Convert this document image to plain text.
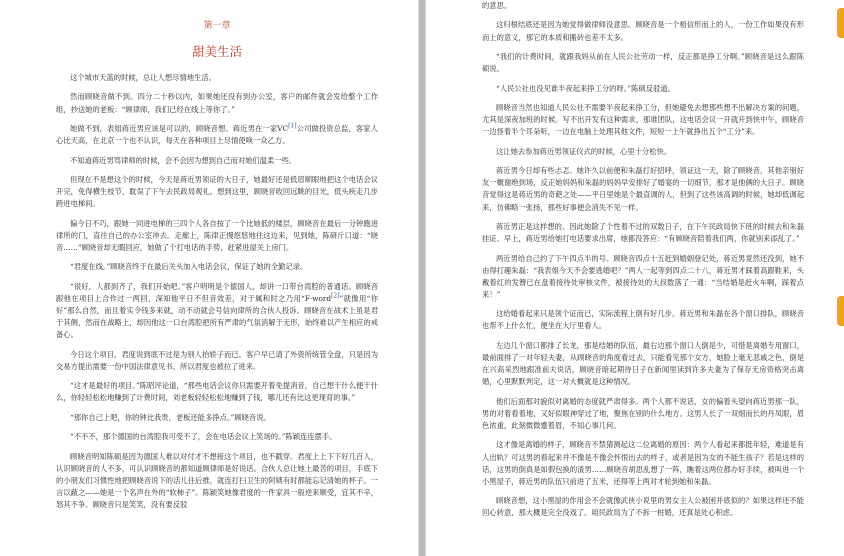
第一章
甜美生活

这个城市天蓝的时候，总让人想尽情地生活。

然而顾晓音做不到。四分二十秒以内，如果她还没有到办公室，客户的邮件就会发给整个工作组，抄送她的老板：“顾律师，我们已经在线上等你了。”

她做不到，表姐蒋近男应该是可以的，顾晓音想。蒋近男在一家VC[1]公司做投资总监，客家人心比天高，在北京一个也不认识，每天在各种项目上尽情使唤一众乙方。

不知道蒋近男骂律师的时候，会不会因为想到自己而对她们温柔一些。

但现在不是想这个的时候，今天是蒋近男领证的大日子，她最好还是低眉顺眼地把这个电话会议开完，免得横生枝节，耽误了下午去民政局观礼。想到这里，顾晓音收回远眺的目光，低头疾走几步跨进电梯间。

偏今日不巧，跟她一同进电梯的三四个人各自按了一个比她低的楼层，顾晓音在最后一分钟跑进律所的门，直往自己的办公室冲去。走廊上，陈律正慢悠悠地往这边来，见到她，陈研斤口道：“晓音……”顾晓音却无暇回应，她做了个打电话的手势，赶紧进屋关上房门。

“君度在线。”顾晓音终于在最后关头加入电话会议，保证了她的全勤记录。

“很好，人都到齐了，我们开始吧。”客户明明是个德国人，却讲一口带台湾腔的普通话。顾晓音跟他在项目上合作过一两回，深知他平日不但音效差，对于属和时之乃用“F·word[2]”就像用“你好”那么自然，而且着实令钱多来就，动不动就会号信向律所的合伙人投诉。顾晓音在战术上虽是君于其侧，然而在战略上，却因他这一口台湾腔把所有严肃的气氛消解于无形，始终难以产生相应的戒备心。

今日这个项目，君度说到底不过是为别人抬轿子而已。客户早已请了外资所统管全盘，只是因为交易方提出需要一份中国法律意见书，所以君度也被拉了进来。

“这才是最好的项目。”陈昭评论道，“那些电话会议你只需要开着免提消音，自己想干什么便干什么，你轻轻松松地赚到了计费时间，刘老板轻轻松松地赚到了钱，哪儿还有比这更现育的事。”

“那你自己上吧，你的钟比我贵，老板还能多挣点。”顾晓音说。

“不不不，那个德国的台湾腔我可受不了，会在电话会议上笑场的。”陈颖连连摆手。

顾晓音明知陈硕是因为德国人难以对付才不想接这个项目，也不戳穿。君度上上下下好几百人，认识顾晓音的人不多，可认识顾晓音的都知道顾律师是好说话。合伙人总让她上最苦的项目，手底下的小朋友们习惯性地把顾晓音说下的活儿往后推，就连打扫卫生的阿姨有时都能忘记清她的杯子。一言以蔽之——她是一个名声在外的“软柿子”。陈颖笑她像君度的一件家具一般逆来顺受，宜其不辛，怒其不争。顾晓音只是笑笑，没有要反驳

的意思。

这归根结底还是因为她觉得做律师没意思。顾晓音是一个相信形而上的人，一份工作如果没有形而上的意义，那它的本质和搬砖也差不太多。

“我们的计费时间，就跟我妈从前在人民公社劳动一样，反正都是挣工分啊。”顾晓音是这么跟陈硕说。

“人民公社也没见谁半夜起来挣工分的呀。”陈硕反驳道。

顾晓音当然也知道人民公社不需要半夜起来挣工分，但她避免去想那些想不出解决方案的问题，尤其是深夜加班的时候。写不出开发有这种需求，那谁团队，这电话会议一开就开到快中午，顾晓音一边怪着半个耳朵听，一边在电脑上处理其他文件，短短一上午就挣出五个“工分”来。

这让她去参加蒋近男领证仪式的时候，心里十分松快。

蒋近男今日却有些忐忑。她许久以前便和朱磊打好招呼，领证这一天，除了顾晓音，其他亲朋好友一概谢绝到场，反正她妈妈和朱磊的妈妈早安排好了婚宴的一切细节，那才是他俩的大日子。顾晓音觉得这是蒋近男的奇葩之处——平日里她是个最直调的人，但到了这些该高调的时候，她却低调起来，仿佛略一张扬，那些好事便会消失不见一样。

蒋近男正是这样想的。因此她除了个性着不过的双数日子，在下午民政局快下班的时候去和朱磊挂证。早上，蒋近男给她打电话要求出席，她都没答应：“有顾晓音陪着我们两，你就别来添乱了。”

两近男给自己约了下午四点半的号。顾晓音四点十五赶到婚姻登记处，蒋近男竟然还没到，她不由得打趣朱磊：“我表姐今天不会要逃婚吧？”两人一起等到四点二十八，蒋近男才踩着高跟鞋来，头戴着红的发簪已在盘着接待处审核文件，被接待处的大叔数落了一通：“当结婚是赶火车啊，踩着点来！”

这给婚看起来只是领个证而已，实际流程上倒有好几步。蒋近男和朱磊在各个窗口排队，顾晓音也帮不上什么忙，便坐在大厅里看人。

左边几个窗口都排了长龙，那是结婚的队伍，最右边那个窗口人倒是少，可惜是离婚专用窗口，最前面排了一对年轻夫妻，从顾晓音的角度看过去，只能看见那个女方，她脸上毫无悲戚之色，倒是在兴高采烈地跟准前夫说话，顾晓音暗起期待日子在新闻里读到许多夫妻为了保存无房资格突击离婚，心里默默判定，这一对大概就是这种情况。

他们后面那对貌似对离婚的态度就严肃得多。两个人都不说话，女的偏着头望向蒋近男那一队，男的对着看着地，又好似眼神穿过了地，聚焦在别的什么地方。这男人长了一双细而长的丹凤眼，眉色浓重，此刻微微蹙着眉，不知心事几何。

这才像是离婚的样子，顾晓音不禁猜测起这二位离婚的原因：两个人看起来都挺年轻，难道是有人出轨？可这男的看起来并不像是不像会怀恨出去的样子，或者是因为女的不能生孩子？若是这样的话，这男的倒真是如假包换的渣男……顾晓音胡思乱想了一阵，瞧着这两位都办好手续，被叫进一个小黑屋子，蒋近男的队伍只前进了五米，还得等上两对才轮到她和朱磊。

顾晓音想，这小黑屋的作用会不会就像武侠小说里的男女主人公被困并底似的？如果这样还不能回心转意，那大概是完全没戏了。咱民政局为了不拆一桩婚，还真是处心积虑。
